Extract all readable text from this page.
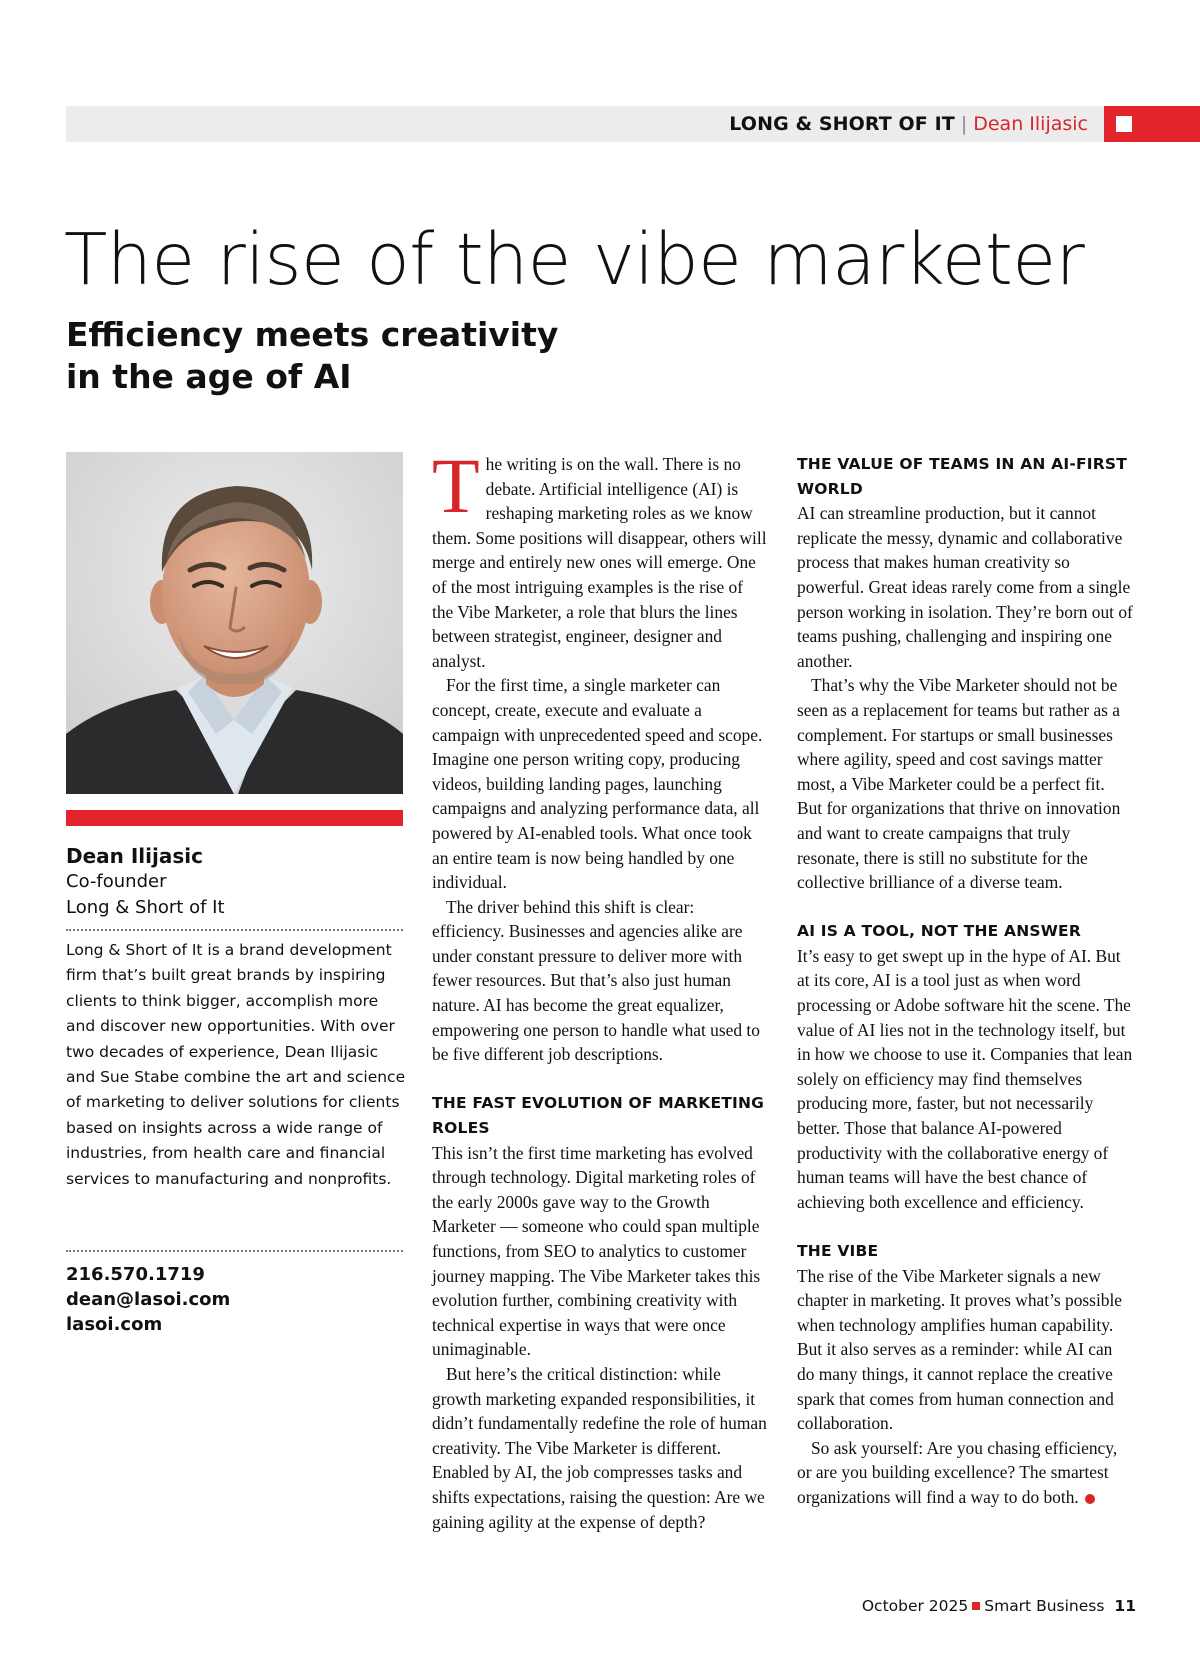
LONG & SHORT OF IT | Dean Ilijasic
The rise of the vibe marketer
Efficiency meets creativity
in the age of AI
Dean Ilijasic
Co-founder
Long & Short of It

Long & Short of It is a brand development firm that’s built great brands by inspiring clients to think bigger, accomplish more and discover new opportunities. With over two decades of experience, Dean Ilijasic and Sue Stabe combine the art and science of marketing to deliver solutions for clients based on insights across a wide range of industries, from health care and financial services to manufacturing and nonprofits.

216.570.1719
dean@lasoi.com
lasoi.com

The writing is on the wall. There is no debate. Artificial intelligence (AI) is reshaping marketing roles as we know them. Some positions will disappear, others will merge and entirely new ones will emerge. One of the most intriguing examples is the rise of the Vibe Marketer, a role that blurs the lines between strategist, engineer, designer and analyst.

For the first time, a single marketer can concept, create, execute and evaluate a campaign with unprecedented speed and scope. Imagine one person writing copy, producing videos, building landing pages, launching campaigns and analyzing performance data, all powered by AI-enabled tools. What once took an entire team is now being handled by one individual.

The driver behind this shift is clear: efficiency. Businesses and agencies alike are under constant pressure to deliver more with fewer resources. But that’s also just human nature. AI has become the great equalizer, empowering one person to handle what used to be five different job descriptions.

THE FAST EVOLUTION OF MARKETING ROLES

This isn’t the first time marketing has evolved through technology. Digital marketing roles of the early 2000s gave way to the Growth Marketer — someone who could span multiple functions, from SEO to analytics to customer journey mapping. The Vibe Marketer takes this evolution further, combining creativity with technical expertise in ways that were once unimaginable.

But here’s the critical distinction: while growth marketing expanded responsibilities, it didn’t fundamentally redefine the role of human creativity. The Vibe Marketer is different. Enabled by AI, the job compresses tasks and shifts expectations, raising the question: Are we gaining agility at the expense of depth?

THE VALUE OF TEAMS IN AN AI-FIRST WORLD

AI can streamline production, but it cannot replicate the messy, dynamic and collaborative process that makes human creativity so powerful. Great ideas rarely come from a single person working in isolation. They’re born out of teams pushing, challenging and inspiring one another.

That’s why the Vibe Marketer should not be seen as a replacement for teams but rather as a complement. For startups or small businesses where agility, speed and cost savings matter most, a Vibe Marketer could be a perfect fit. But for organizations that thrive on innovation and want to create campaigns that truly resonate, there is still no substitute for the collective brilliance of a diverse team.

AI IS A TOOL, NOT THE ANSWER

It’s easy to get swept up in the hype of AI. But at its core, AI is a tool just as when word processing or Adobe software hit the scene. The value of AI lies not in the technology itself, but in how we choose to use it. Companies that lean solely on efficiency may find themselves producing more, faster, but not necessarily better. Those that balance AI-powered productivity with the collaborative energy of human teams will have the best chance of achieving both excellence and efficiency.

THE VIBE

The rise of the Vibe Marketer signals a new chapter in marketing. It proves what’s possible when technology amplifies human capability. But it also serves as a reminder: while AI can do many things, it cannot replace the creative spark that comes from human connection and collaboration.

So ask yourself: Are you chasing efficiency, or are you building excellence? The smartest organizations will find a way to do both.

October 2025 Smart Business 11
